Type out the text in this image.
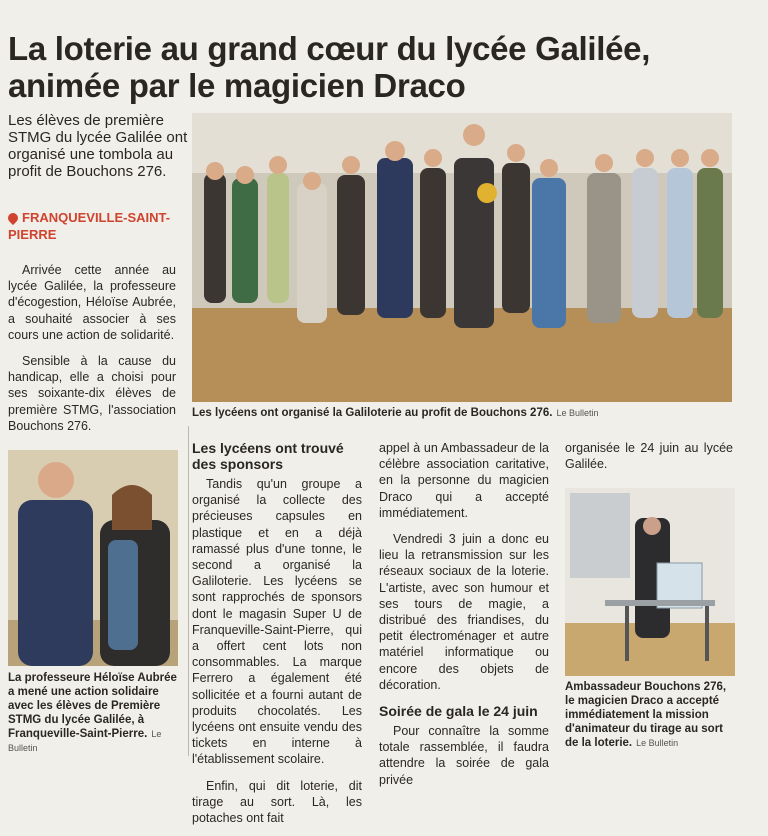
La loterie au grand cœur du lycée Galilée,
animée par le magicien Draco
Les élèves de première STMG du lycée Galilée ont organisé une tombola au profit de Bouchons 276.
FRANQUEVILLE-SAINT-PIERRE

Arrivée cette année au lycée Galilée, la professeure d'écogestion, Héloïse Aubrée, a souhaité associer à ses cours une action de solidarité.

Sensible à la cause du handicap, elle a choisi pour ses soixante-dix élèves de première STMG, l'association Bouchons 276.

Les lycéens ont organisé la Galiloterie au profit de Bouchons 276. Le Bulletin
La professeure Héloïse Aubrée a mené une action solidaire avec les élèves de Première STMG du lycée Galilée, à Franqueville-Saint-Pierre. Le Bulletin
Les lycéens ont trouvé des sponsors

Tandis qu'un groupe a organisé la collecte des précieuses capsules en plastique et en a déjà ramassé plus d'une tonne, le second a organisé la Galiloterie. Les lycéens se sont rapprochés de sponsors dont le magasin Super U de Franqueville-Saint-Pierre, qui a offert cent lots non consommables. La marque Ferrero a également été sollicitée et a fourni autant de produits chocolatés. Les lycéens ont ensuite vendu des tickets en interne à l'établissement scolaire.

Enfin, qui dit loterie, dit tirage au sort. Là, les potaches ont fait

appel à un Ambassadeur de la célèbre association caritative, en la personne du magicien Draco qui a accepté immédiatement.

Vendredi 3 juin a donc eu lieu la retransmission sur les réseaux sociaux de la loterie. L'artiste, avec son humour et ses tours de magie, a distribué des friandises, du petit électroménager et autre matériel informatique ou encore des objets de décoration.

Soirée de gala le 24 juin

Pour connaître la somme totale rassemblée, il faudra attendre la soirée de gala privée

organisée le 24 juin au lycée Galilée.

Ambassadeur Bouchons 276, le magicien Draco a accepté immédiatement la mission d'animateur du tirage au sort de la loterie. Le Bulletin
